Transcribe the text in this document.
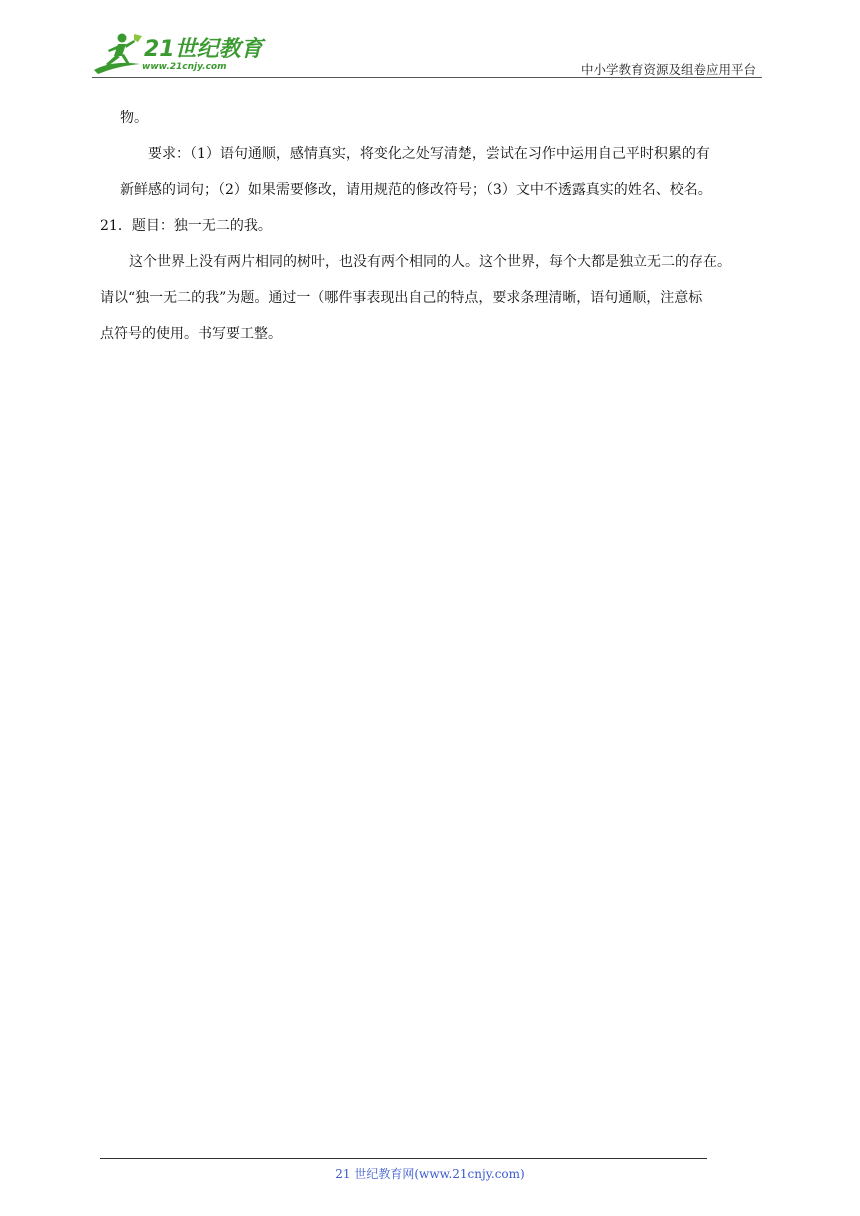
21世纪教育
www.21cnjy.com	中小学教育资源及组卷应用平台
物。
要求：（1）语句通顺，感情真实，将变化之处写清楚，尝试在习作中运用自己平时积累的有
新鲜感的词句；（2）如果需要修改，请用规范的修改符号；（3）文中不透露真实的姓名、校名。
21．题目：独一无二的我。
这个世界上没有两片相同的树叶，也没有两个相同的人。这个世界，每个大都是独立无二的存在。
请以“独一无二的我”为题。通过一（哪件事表现出自己的特点，要求条理清晰，语句通顺，注意标
点符号的使用。书写要工整。
21 世纪教育网(www.21cnjy.com)
